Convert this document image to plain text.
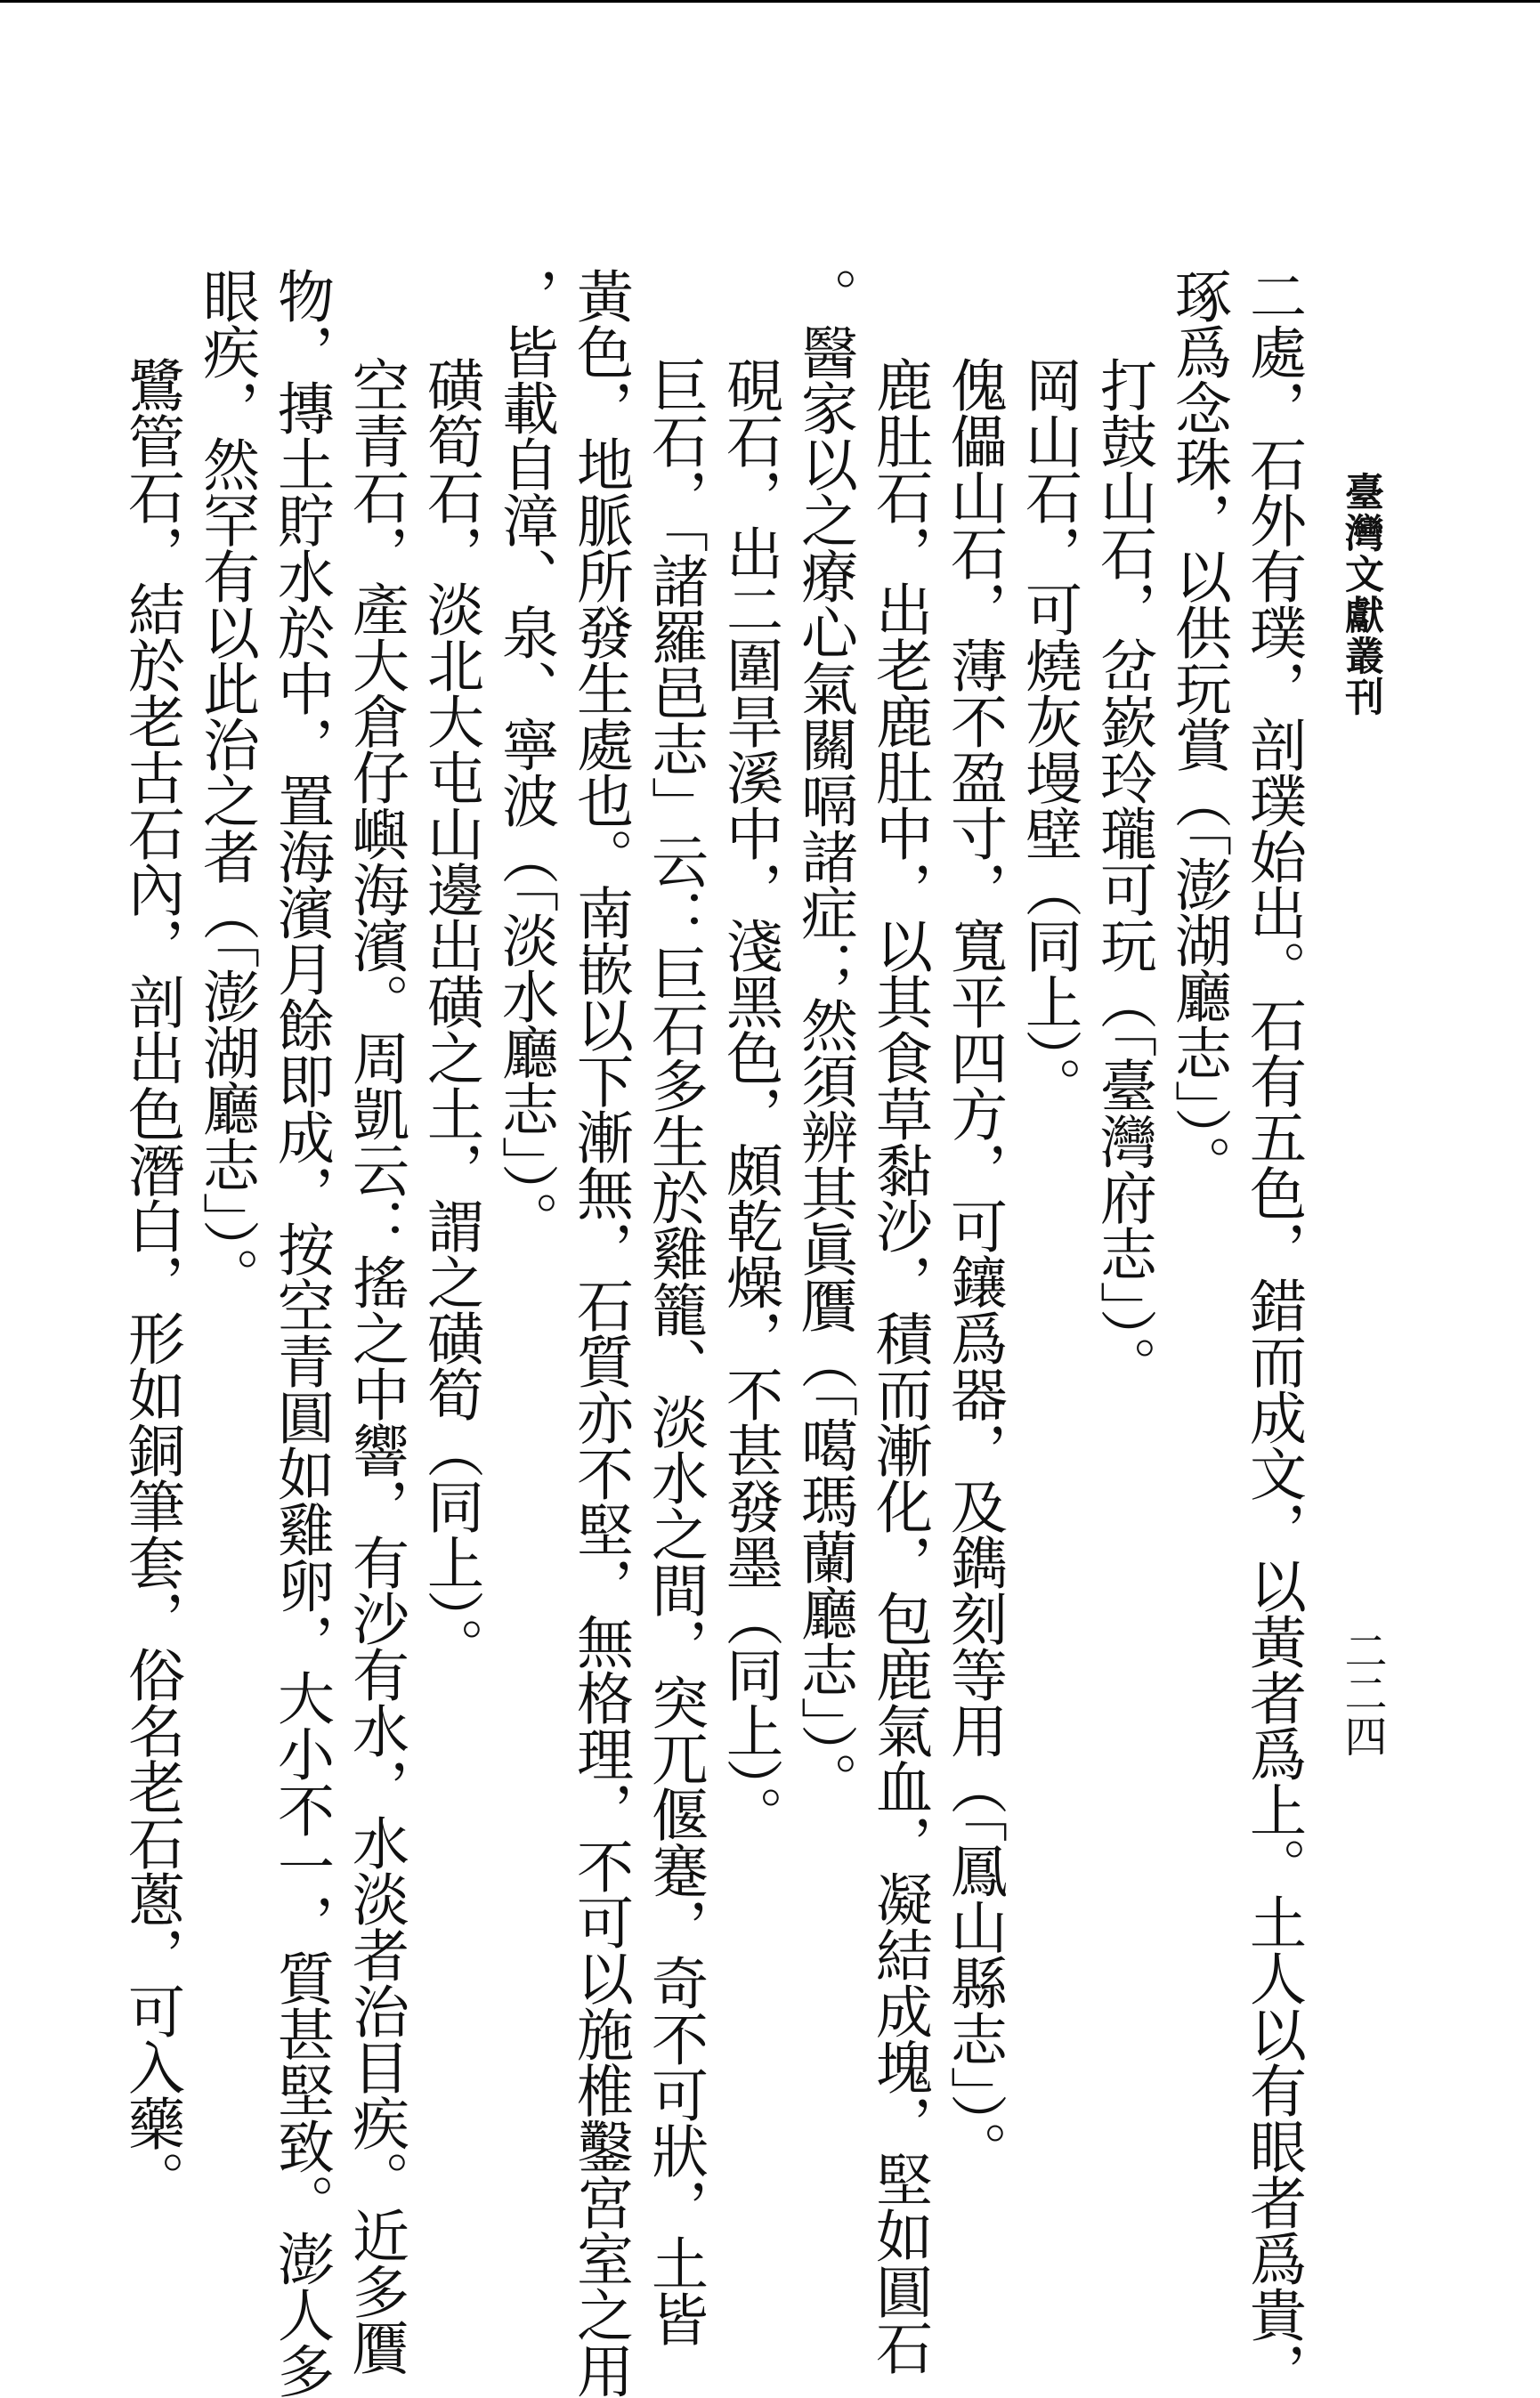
臺灣文獻叢刊
二二四
二處，石外有璞，剖璞始出。石有五色，錯而成文，以黃者爲上。土人以有眼者爲貴，
琢爲念珠，以供玩賞（「澎湖廳志」）。
打鼓山石，岔嶔玲瓏可玩（「臺灣府志」）。
岡山石，可燒灰墁壁（同上）。
傀儡山石，薄不盈寸，寬平四方，可鑲爲器，及鐫刻等用（「鳳山縣志」）。
鹿肚石，出老鹿肚中，以其食草黏沙，積而漸化，包鹿氣血，凝結成塊，堅如圓石
。醫家以之療心氣關嗝諸症；然須辨其眞贋（「噶瑪蘭廳志」）。
硯石，出二圍旱溪中，淺黑色，頗乾燥，不甚發墨（同上）。
巨石，「諸羅邑志」云：巨石多生於雞籠、淡水之間，突兀偃蹇，奇不可狀，土皆
黃色，地脈所發生處也。南嵌以下漸無，石質亦不堅，無格理，不可以施椎鑿宮室之用
，皆載自漳、泉、寧波（「淡水廳志」）。
磺筍石，淡北大屯山邊出磺之土，謂之磺筍（同上）。
空青石，產大倉仔嶼海濱。周凱云：搖之中響，有沙有水，水淡者治目疾。近多贋
物，摶土貯水於中，置海濱月餘即成，按空青圓如雞卵，大小不一，質甚堅致。澎人多
眼疾，然罕有以此治之者（「澎湖廳志」）。
鷺管石，結於老古石內，剖出色潛白，形如銅筆套，俗名老石蔥，可入藥。
